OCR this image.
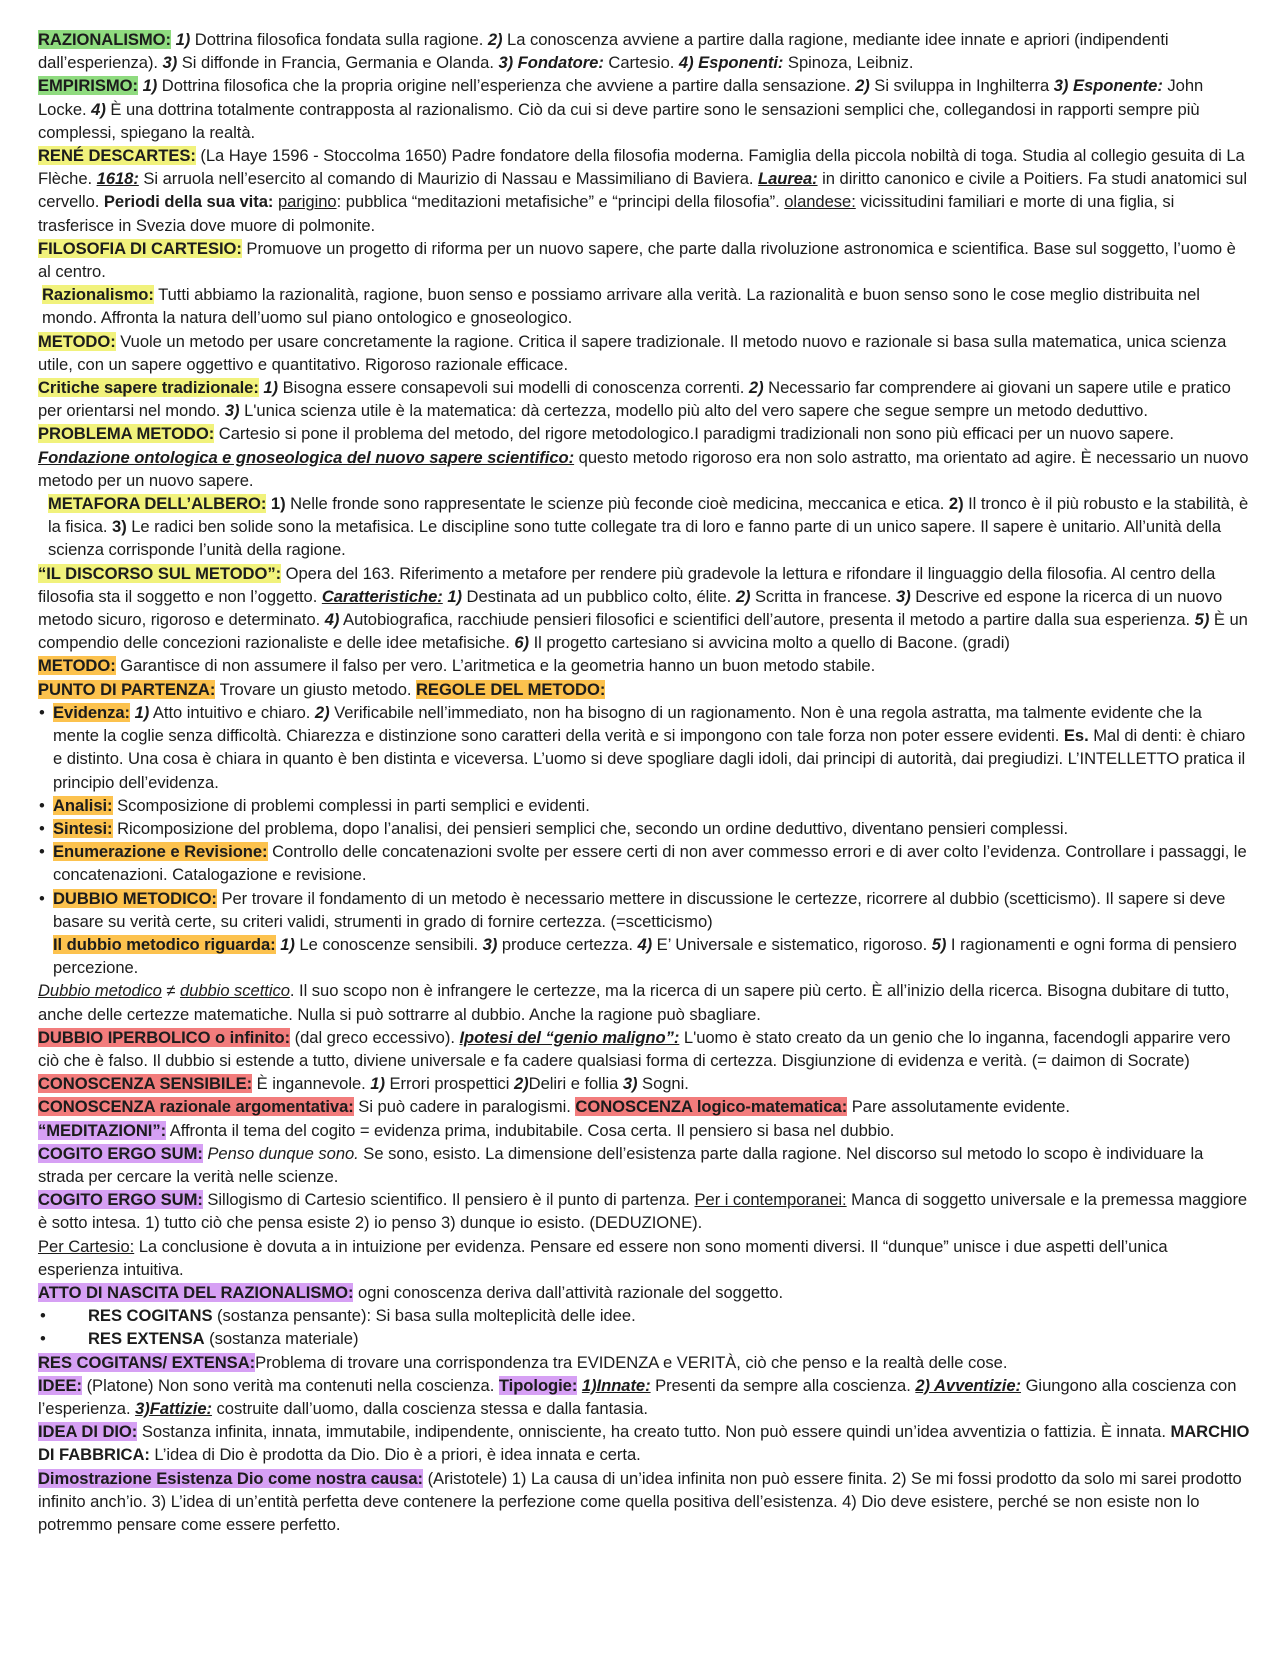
RAZIONALISMO: 1) Dottrina filosofica fondata sulla ragione. 2) La conoscenza avviene a partire dalla ragione, mediante idee innate e apriori (indipendenti dall’esperienza). 3) Si diffonde in Francia, Germania e Olanda. 3) Fondatore: Cartesio. 4) Esponenti: Spinoza, Leibniz.

EMPIRISMO: 1) Dottrina filosofica che la propria origine nell’esperienza che avviene a partire dalla sensazione. 2) Si sviluppa in Inghilterra 3) Esponente: John Locke. 4) È una dottrina totalmente contrapposta al razionalismo. Ciò da cui si deve partire sono le sensazioni semplici che, collegandosi in rapporti sempre più complessi, spiegano la realtà.

RENÉ DESCARTES: (La Haye 1596 - Stoccolma 1650) Padre fondatore della filosofia moderna. Famiglia della piccola nobiltà di toga. Studia al collegio gesuita di La Flèche. 1618: Si arruola nell’esercito al comando di Maurizio di Nassau e Massimiliano di Baviera. Laurea: in diritto canonico e civile a Poitiers. Fa studi anatomici sul cervello. Periodi della sua vita: parigino: pubblica “meditazioni metafisiche” e “principi della filosofia”. olandese: vicissitudini familiari e morte di una figlia, si trasferisce in Svezia dove muore di polmonite.

FILOSOFIA DI CARTESIO: Promuove un progetto di riforma per un nuovo sapere, che parte dalla rivoluzione astronomica e scientifica. Base sul soggetto, l’uomo è al centro.

Razionalismo: Tutti abbiamo la razionalità, ragione, buon senso e possiamo arrivare alla verità. La razionalità e buon senso sono le cose meglio distribuita nel mondo. Affronta la natura dell’uomo sul piano ontologico e gnoseologico.

METODO: Vuole un metodo per usare concretamente la ragione. Critica il sapere tradizionale. Il metodo nuovo e razionale si basa sulla matematica, unica scienza utile, con un sapere oggettivo e quantitativo. Rigoroso razionale efficace.

Critiche sapere tradizionale: 1) Bisogna essere consapevoli sui modelli di conoscenza correnti. 2) Necessario far comprendere ai giovani un sapere utile e pratico per orientarsi nel mondo. 3) L'unica scienza utile è la matematica: dà certezza, modello più alto del vero sapere che segue sempre un metodo deduttivo.

PROBLEMA METODO: Cartesio si pone il problema del metodo, del rigore metodologico.I paradigmi tradizionali non sono più efficaci per un nuovo sapere. Fondazione ontologica e gnoseologica del nuovo sapere scientifico: questo metodo rigoroso era non solo astratto, ma orientato ad agire. È necessario un nuovo metodo per un nuovo sapere.

METAFORA DELL’ALBERO: 1) Nelle fronde sono rappresentate le scienze più feconde cioè medicina, meccanica e etica. 2) Il tronco è il più robusto e la stabilità, è la fisica. 3) Le radici ben solide sono la metafisica. Le discipline sono tutte collegate tra di loro e fanno parte di un unico sapere. Il sapere è unitario. All’unità della scienza corrisponde l’unità della ragione.

“IL DISCORSO SUL METODO”: Opera del 163. Riferimento a metafore per rendere più gradevole la lettura e rifondare il linguaggio della filosofia. Al centro della filosofia sta il soggetto e non l’oggetto. Caratteristiche: 1) Destinata ad un pubblico colto, élite. 2) Scritta in francese. 3) Descrive ed espone la ricerca di un nuovo metodo sicuro, rigoroso e determinato. 4) Autobiografica, racchiude pensieri filosofici e scientifici dell’autore, presenta il metodo a partire dalla sua esperienza. 5) È un compendio delle concezioni razionaliste e delle idee metafisiche. 6) Il progetto cartesiano si avvicina molto a quello di Bacone. (gradi)

METODO: Garantisce di non assumere il falso per vero. L’aritmetica e la geometria hanno un buon metodo stabile.

PUNTO DI PARTENZA: Trovare un giusto metodo. REGOLE DEL METODO:

• Evidenza: 1) Atto intuitivo e chiaro. 2) Verificabile nell’immediato, non ha bisogno di un ragionamento. Non è una regola astratta, ma talmente evidente che la mente la coglie senza difficoltà. Chiarezza e distinzione sono caratteri della verità e si impongono con tale forza non poter essere evidenti. Es. Mal di denti: è chiaro e distinto. Una cosa è chiara in quanto è ben distinta e viceversa. L’uomo si deve spogliare dagli idoli, dai principi di autorità, dai pregiudizi. L’INTELLETTO pratica il principio dell’evidenza.
• Analisi: Scomposizione di problemi complessi in parti semplici e evidenti.
• Sintesi: Ricomposizione del problema, dopo l’analisi, dei pensieri semplici che, secondo un ordine deduttivo, diventano pensieri complessi.
• Enumerazione e Revisione: Controllo delle concatenazioni svolte per essere certi di non aver commesso errori e di aver colto l’evidenza. Controllare i passaggi, le concatenazioni. Catalogazione e revisione.
• DUBBIO METODICO: Per trovare il fondamento di un metodo è necessario mettere in discussione le certezze, ricorrere al dubbio (scetticismo). Il sapere si deve basare su verità certe, su criteri validi, strumenti in grado di fornire certezza. (=scetticismo)

Il dubbio metodico riguarda: 1) Le conoscenze sensibili. 3) produce certezza. 4) E’ Universale e sistematico, rigoroso. 5) I ragionamenti e ogni forma di pensiero percezione.

Dubbio metodico ≠ dubbio scettico. Il suo scopo non è infrangere le certezze, ma la ricerca di un sapere più certo. È all’inizio della ricerca. Bisogna dubitare di tutto, anche delle certezze matematiche. Nulla si può sottrarre al dubbio. Anche la ragione può sbagliare.

DUBBIO IPERBOLICO o infinito: (dal greco eccessivo). Ipotesi del “genio maligno”: L'uomo è stato creato da un genio che lo inganna, facendogli apparire vero ciò che è falso. Il dubbio si estende a tutto, diviene universale e fa cadere qualsiasi forma di certezza. Disgiunzione di evidenza e verità. (= daimon di Socrate)

CONOSCENZA SENSIBILE: È ingannevole. 1) Errori prospettici 2)Deliri e follia 3) Sogni.

CONOSCENZA razionale argomentativa: Si può cadere in paralogismi. CONOSCENZA logico-matematica: Pare assolutamente evidente.

“MEDITAZIONI”: Affronta il tema del cogito = evidenza prima, indubitabile. Cosa certa. Il pensiero si basa nel dubbio.

COGITO ERGO SUM: Penso dunque sono. Se sono, esisto. La dimensione dell’esistenza parte dalla ragione. Nel discorso sul metodo lo scopo è individuare la strada per cercare la verità nelle scienze.

COGITO ERGO SUM: Sillogismo di Cartesio scientifico. Il pensiero è il punto di partenza. Per i contemporanei: Manca di soggetto universale e la premessa maggiore è sotto intesa. 1) tutto ciò che pensa esiste 2) io penso 3) dunque io esisto. (DEDUZIONE).

Per Cartesio: La conclusione è dovuta a in intuizione per evidenza. Pensare ed essere non sono momenti diversi. Il “dunque” unisce i due aspetti dell’unica esperienza intuitiva.

ATTO DI NASCITA DEL RAZIONALISMO: ogni conoscenza deriva dall’attività razionale del soggetto.

• RES COGITANS (sostanza pensante): Si basa sulla molteplicità delle idee.
• RES EXTENSA (sostanza materiale)

RES COGITANS/ EXTENSA:Problema di trovare una corrispondenza tra EVIDENZA e VERITÀ, ciò che penso e la realtà delle cose.

IDEE: (Platone) Non sono verità ma contenuti nella coscienza. Tipologie: 1)Innate: Presenti da sempre alla coscienza. 2) Avventizie: Giungono alla coscienza con l’esperienza. 3)Fattizie: costruite dall’uomo, dalla coscienza stessa e dalla fantasia.

IDEA DI DIO: Sostanza infinita, innata, immutabile, indipendente, onnisciente, ha creato tutto. Non può essere quindi un’idea avventizia o fattizia. È innata. MARCHIO DI FABBRICA: L’idea di Dio è prodotta da Dio. Dio è a priori, è idea innata e certa.

Dimostrazione Esistenza Dio come nostra causa: (Aristotele) 1) La causa di un’idea infinita non può essere finita. 2) Se mi fossi prodotto da solo mi sarei prodotto infinito anch’io. 3) L’idea di un’entità perfetta deve contenere la perfezione come quella positiva dell’esistenza. 4) Dio deve esistere, perché se non esiste non lo potremmo pensare come essere perfetto.
